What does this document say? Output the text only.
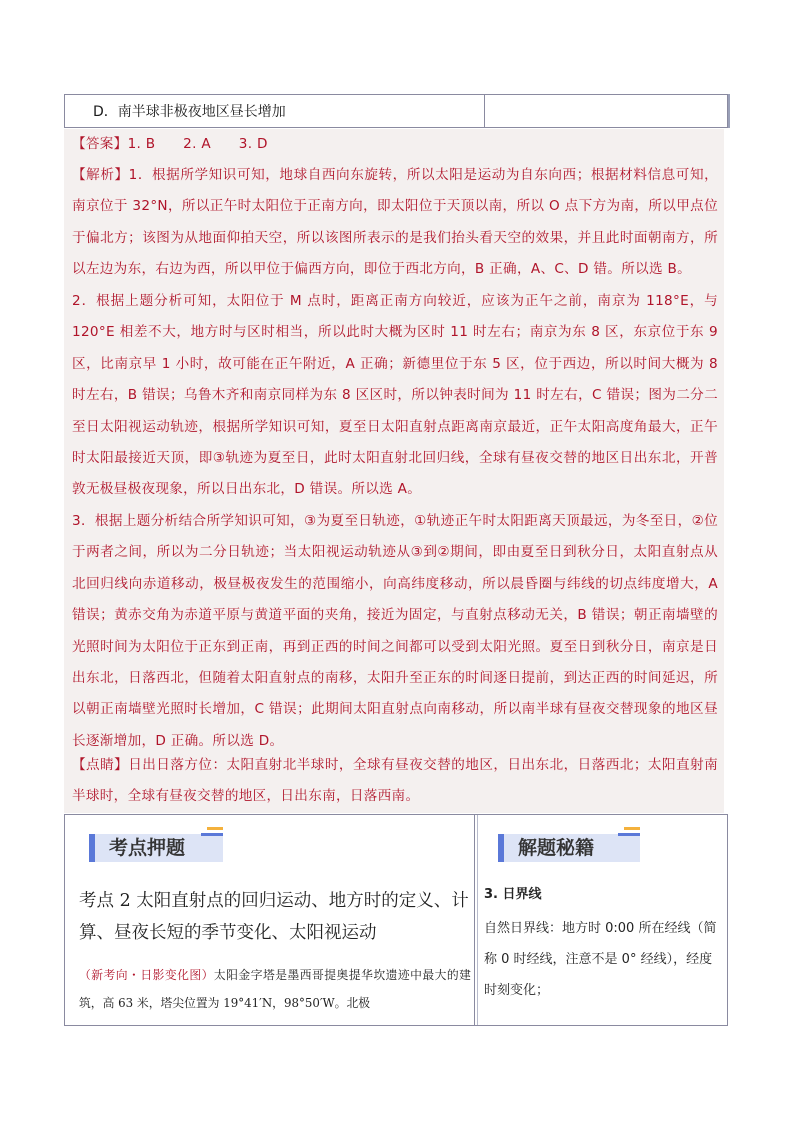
D．南半球非极夜地区昼长增加

【答案】1. B　　2. A　　3. D

【解析】1．根据所学知识可知，地球自西向东旋转，所以太阳是运动为自东向西；根据材料信息可知，南京位于 32°N，所以正午时太阳位于正南方向，即太阳位于天顶以南，所以 O 点下方为南，所以甲点位于偏北方；该图为从地面仰拍天空，所以该图所表示的是我们抬头看天空的效果，并且此时面朝南方，所以左边为东，右边为西，所以甲位于偏西方向，即位于西北方向，B 正确，A、C、D 错。所以选 B。

2．根据上题分析可知，太阳位于 M 点时，距离正南方向较近，应该为正午之前，南京为 118°E，与 120°E 相差不大，地方时与区时相当，所以此时大概为区时 11 时左右；南京为东 8 区，东京位于东 9 区，比南京早 1 小时，故可能在正午附近，A 正确；新德里位于东 5 区，位于西边，所以时间大概为 8 时左右，B 错误；乌鲁木齐和南京同样为东 8 区区时，所以钟表时间为 11 时左右，C 错误；图为二分二至日太阳视运动轨迹，根据所学知识可知，夏至日太阳直射点距离南京最近，正午太阳高度角最大，正午时太阳最接近天顶，即③轨迹为夏至日，此时太阳直射北回归线，全球有昼夜交替的地区日出东北，开普敦无极昼极夜现象，所以日出东北，D 错误。所以选 A。

3．根据上题分析结合所学知识可知，③为夏至日轨迹，①轨迹正午时太阳距离天顶最远，为冬至日，②位于两者之间，所以为二分日轨迹；当太阳视运动轨迹从③到②期间，即由夏至日到秋分日，太阳直射点从北回归线向赤道移动，极昼极夜发生的范围缩小，向高纬度移动，所以晨昏圈与纬线的切点纬度增大，A 错误；黄赤交角为赤道平原与黄道平面的夹角，接近为固定，与直射点移动无关，B 错误；朝正南墙壁的光照时间为太阳位于正东到正南，再到正西的时间之间都可以受到太阳光照。夏至日到秋分日，南京是日出东北，日落西北，但随着太阳直射点的南移，太阳升至正东的时间逐日提前，到达正西的时间延迟，所以朝正南墙壁光照时长增加，C 错误；此期间太阳直射点向南移动，所以南半球有昼夜交替现象的地区昼长逐渐增加，D 正确。所以选 D。

【点睛】日出日落方位：太阳直射北半球时，全球有昼夜交替的地区，日出东北，日落西北；太阳直射南半球时，全球有昼夜交替的地区，日出东南，日落西南。

考点押题
考点 2 太阳直射点的回归运动、地方时的定义、计算、昼夜长短的季节变化、太阳视运动
（新考向・日影变化图）太阳金字塔是墨西哥提奥提华坎遗迹中最大的建筑，高 63 米，塔尖位置为 19°41′N，98°50′W。北极
解题秘籍
3. 日界线
自然日界线：地方时 0:00 所在经线（简称 0 时经线，注意不是 0° 经线），经度时刻变化；
